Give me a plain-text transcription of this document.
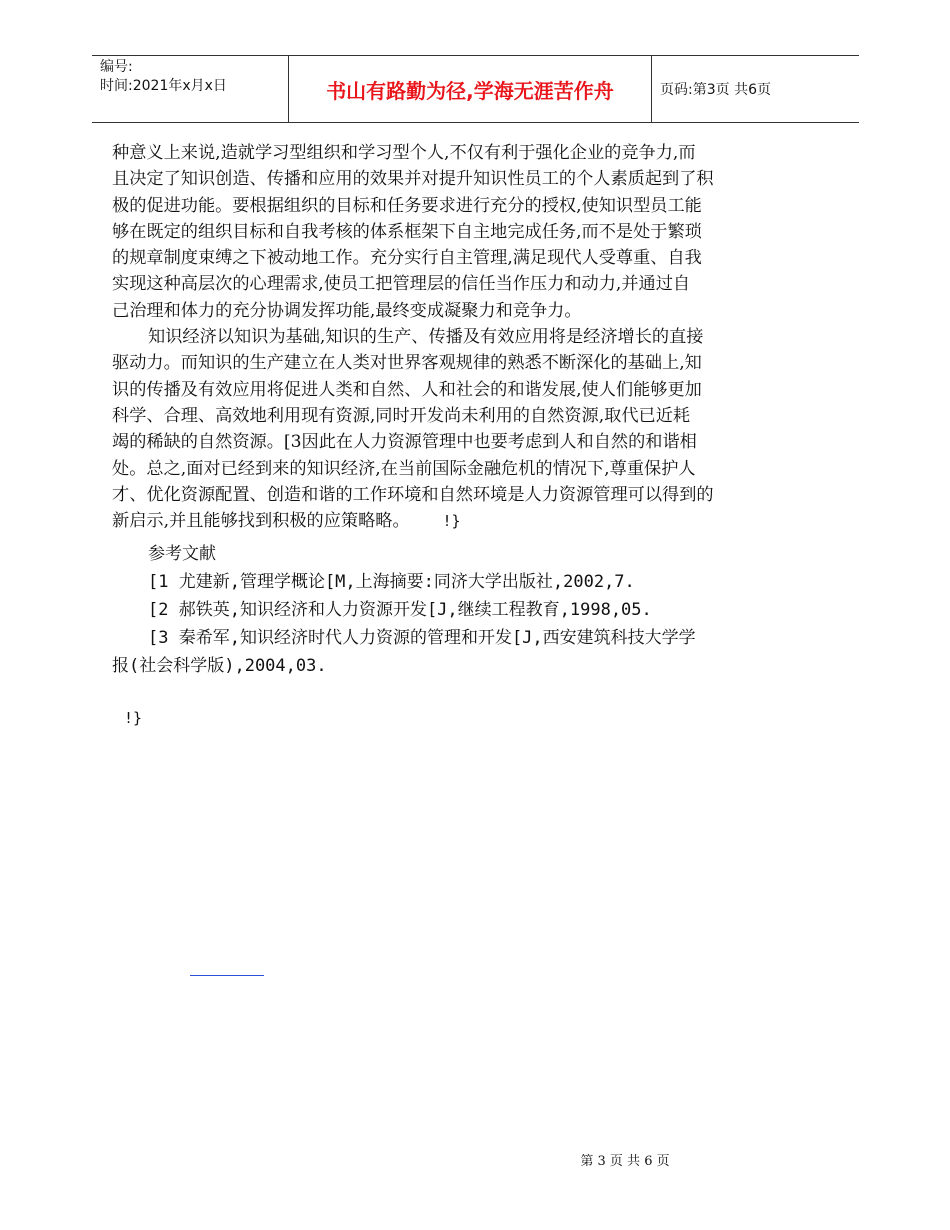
编号:
时间:2021年x月x日	书山有路勤为径,学海无涯苦作舟	页码:第3页 共6页

种意义上来说,造就学习型组织和学习型个人,不仅有利于强化企业的竞争力,而
且决定了知识创造、传播和应用的效果并对提升知识性员工的个人素质起到了积
极的促进功能。要根据组织的目标和任务要求进行充分的授权,使知识型员工能
够在既定的组织目标和自我考核的体系框架下自主地完成任务,而不是处于繁琐
的规章制度束缚之下被动地工作。充分实行自主管理,满足现代人受尊重、自我
实现这种高层次的心理需求,使员工把管理层的信任当作压力和动力,并通过自
己治理和体力的充分协调发挥功能,最终变成凝聚力和竞争力。

知识经济以知识为基础,知识的生产、传播及有效应用将是经济增长的直接
驱动力。而知识的生产建立在人类对世界客观规律的熟悉不断深化的基础上,知
识的传播及有效应用将促进人类和自然、人和社会的和谐发展,使人们能够更加
科学、合理、高效地利用现有资源,同时开发尚未利用的自然资源,取代已近耗
竭的稀缺的自然资源。[3因此在人力资源管理中也要考虑到人和自然的和谐相
处。总之,面对已经到来的知识经济,在当前国际金融危机的情况下,尊重保护人
才、优化资源配置、创造和谐的工作环境和自然环境是人力资源管理可以得到的
新启示,并且能够找到积极的应策略略。 !}

参考文献
[1 尤建新,管理学概论[M,上海摘要:同济大学出版社,2002,7.
[2 郝铁英,知识经济和人力资源开发[J,继续工程教育,1998,05.
[3 秦希军,知识经济时代人力资源的管理和开发[J,西安建筑科技大学学
报(社会科学版),2004,03.
!}
第 3 页 共 6 页
